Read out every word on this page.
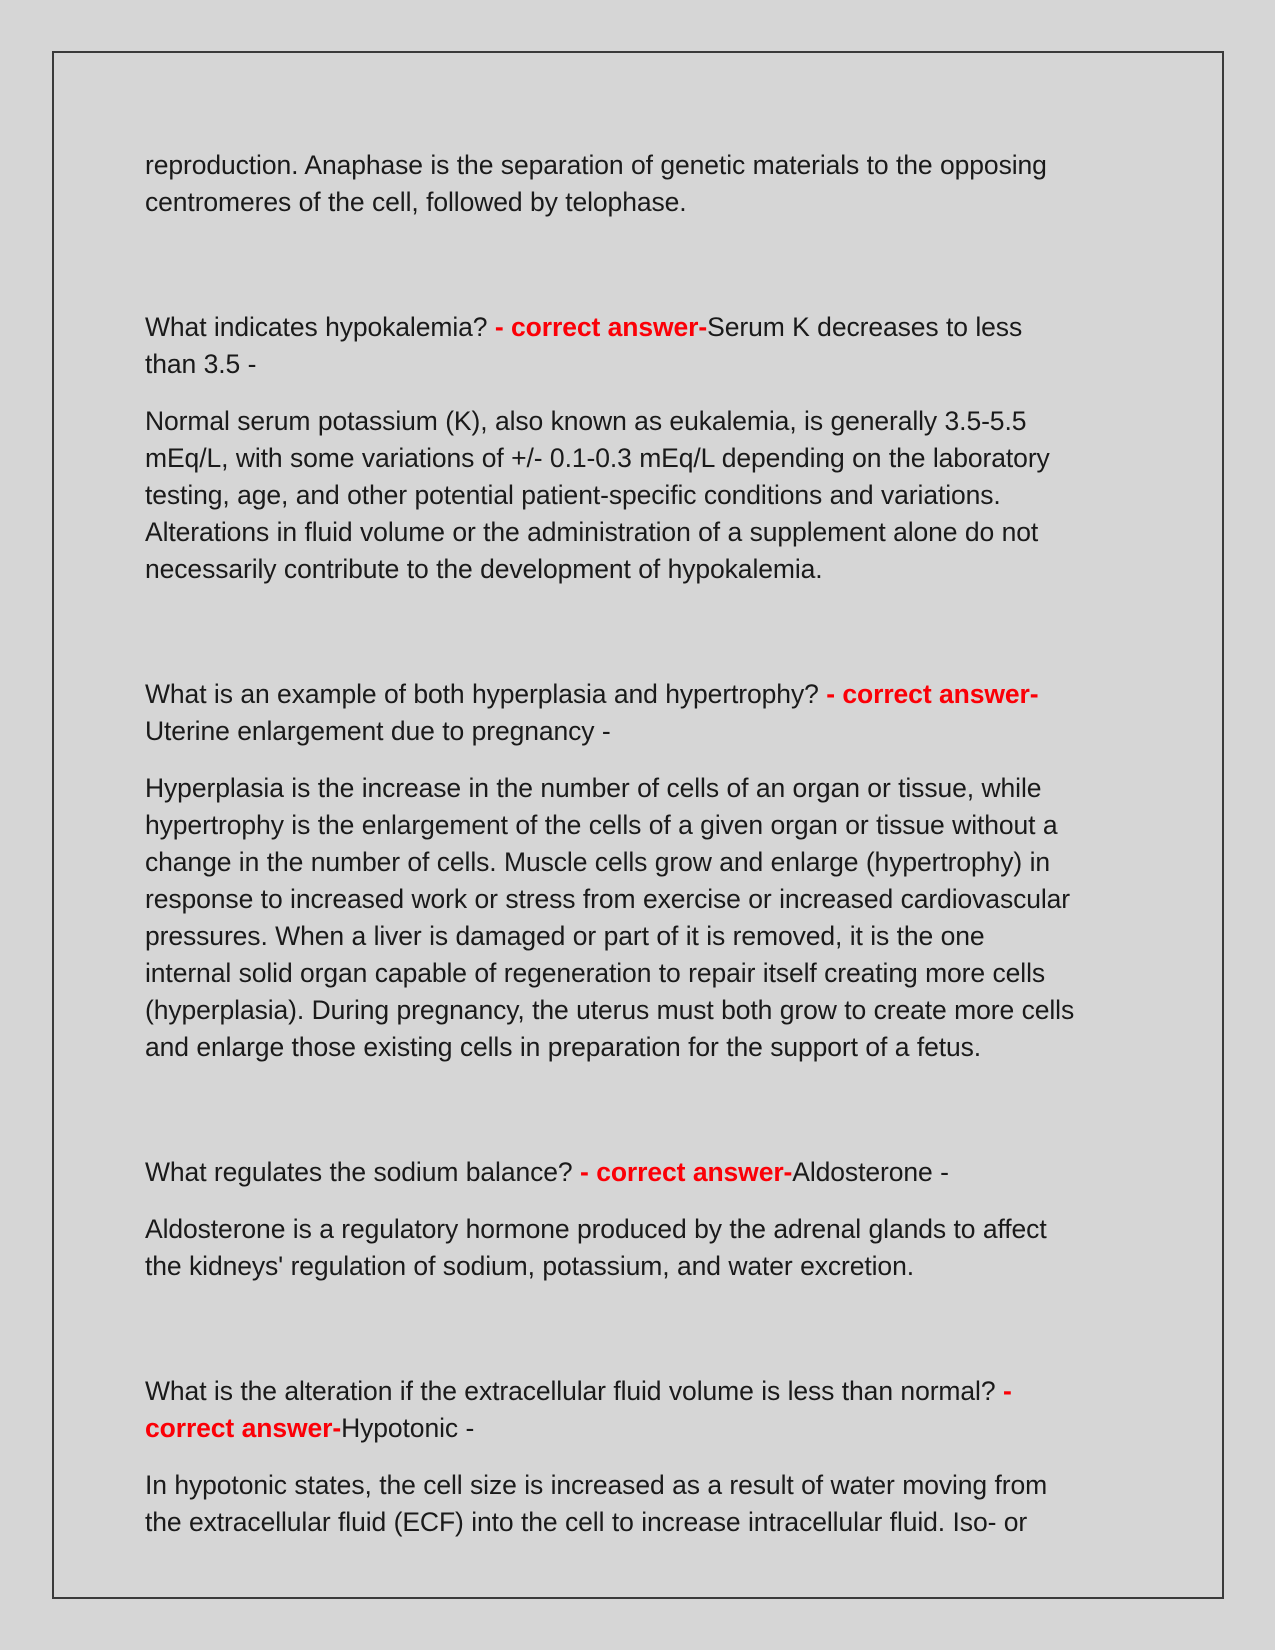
reproduction. Anaphase is the separation of genetic materials to the opposing centromeres of the cell, followed by telophase.

What indicates hypokalemia? - correct answer-Serum K decreases to less than 3.5 -

Normal serum potassium (K), also known as eukalemia, is generally 3.5-5.5 mEq/L, with some variations of +/- 0.1-0.3 mEq/L depending on the laboratory testing, age, and other potential patient-specific conditions and variations. Alterations in fluid volume or the administration of a supplement alone do not necessarily contribute to the development of hypokalemia.

What is an example of both hyperplasia and hypertrophy? - correct answer-Uterine enlargement due to pregnancy -

Hyperplasia is the increase in the number of cells of an organ or tissue, while hypertrophy is the enlargement of the cells of a given organ or tissue without a change in the number of cells. Muscle cells grow and enlarge (hypertrophy) in response to increased work or stress from exercise or increased cardiovascular pressures. When a liver is damaged or part of it is removed, it is the one internal solid organ capable of regeneration to repair itself creating more cells (hyperplasia). During pregnancy, the uterus must both grow to create more cells and enlarge those existing cells in preparation for the support of a fetus.

What regulates the sodium balance? - correct answer-Aldosterone -

Aldosterone is a regulatory hormone produced by the adrenal glands to affect the kidneys' regulation of sodium, potassium, and water excretion.

What is the alteration if the extracellular fluid volume is less than normal? - correct answer-Hypotonic -

In hypotonic states, the cell size is increased as a result of water moving from the extracellular fluid (ECF) into the cell to increase intracellular fluid. Iso- or
